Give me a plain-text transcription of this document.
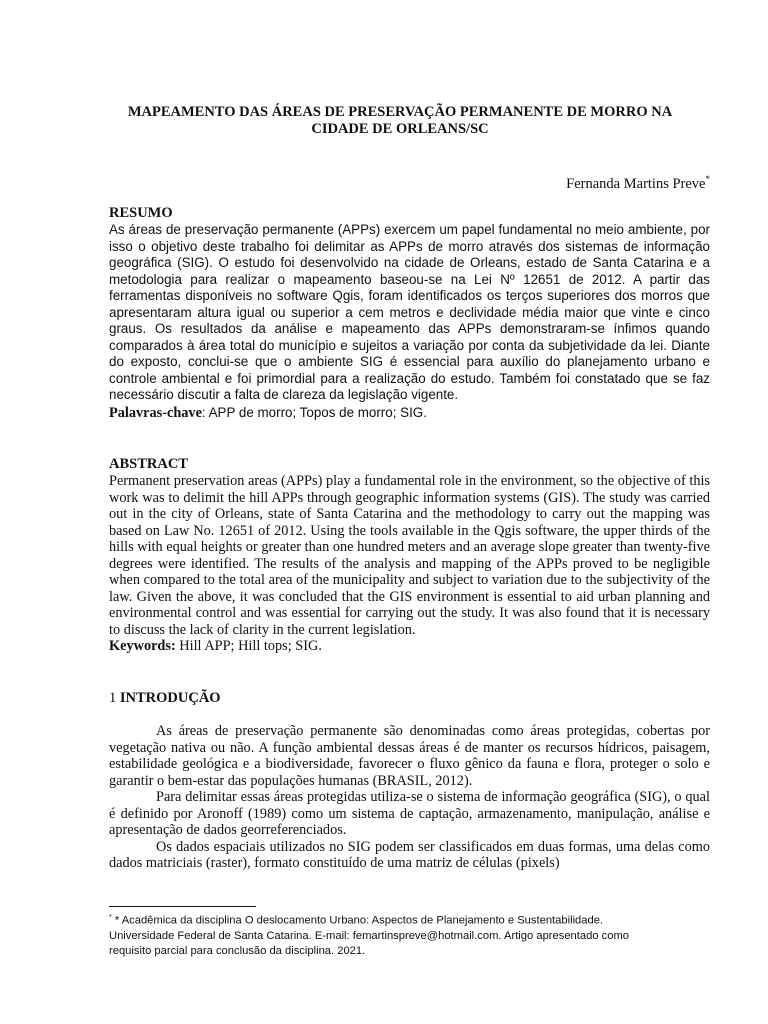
MAPEAMENTO DAS ÁREAS DE PRESERVAÇÃO PERMANENTE DE MORRO NA CIDADE DE ORLEANS/SC
Fernanda Martins Preve*
RESUMO

As áreas de preservação permanente (APPs) exercem um papel fundamental no meio ambiente, por isso o objetivo deste trabalho foi delimitar as APPs de morro através dos sistemas de informação geográfica (SIG). O estudo foi desenvolvido na cidade de Orleans, estado de Santa Catarina e a metodologia para realizar o mapeamento baseou-se na Lei Nº 12651 de 2012. A partir das ferramentas disponíveis no software Qgis, foram identificados os terços superiores dos morros que apresentaram altura igual ou superior a cem metros e declividade média maior que vinte e cinco graus. Os resultados da análise e mapeamento das APPs demonstraram-se ínfimos quando comparados à área total do município e sujeitos a variação por conta da subjetividade da lei. Diante do exposto, conclui-se que o ambiente SIG é essencial para auxílio do planejamento urbano e controle ambiental e foi primordial para a realização do estudo. Também foi constatado que se faz necessário discutir a falta de clareza da legislação vigente.

Palavras-chave: APP de morro; Topos de morro; SIG.

ABSTRACT

Permanent preservation areas (APPs) play a fundamental role in the environment, so the objective of this work was to delimit the hill APPs through geographic information systems (GIS). The study was carried out in the city of Orleans, state of Santa Catarina and the methodology to carry out the mapping was based on Law No. 12651 of 2012. Using the tools available in the Qgis software, the upper thirds of the hills with equal heights or greater than one hundred meters and an average slope greater than twenty-five degrees were identified. The results of the analysis and mapping of the APPs proved to be negligible when compared to the total area of the municipality and subject to variation due to the subjectivity of the law. Given the above, it was concluded that the GIS environment is essential to aid urban planning and environmental control and was essential for carrying out the study. It was also found that it is necessary to discuss the lack of clarity in the current legislation.

Keywords: Hill APP; Hill tops; SIG.

1 INTRODUÇÃO

As áreas de preservação permanente são denominadas como áreas protegidas, cobertas por vegetação nativa ou não. A função ambiental dessas áreas é de manter os recursos hídricos, paisagem, estabilidade geológica e a biodiversidade, favorecer o fluxo gênico da fauna e flora, proteger o solo e garantir o bem-estar das populações humanas (BRASIL, 2012).

Para delimitar essas áreas protegidas utiliza-se o sistema de informação geográfica (SIG), o qual é definido por Aronoff (1989) como um sistema de captação, armazenamento, manipulação, análise e apresentação de dados georreferenciados.

Os dados espaciais utilizados no SIG podem ser classificados em duas formas, uma delas como dados matriciais (raster), formato constituído de uma matriz de células (pixels)

* * Acadêmica da disciplina O deslocamento Urbano: Aspectos de Planejamento e Sustentabilidade. Universidade Federal de Santa Catarina. E-mail: femartinspreve@hotmail.com. Artigo apresentado como requisito parcial para conclusão da disciplina. 2021.
